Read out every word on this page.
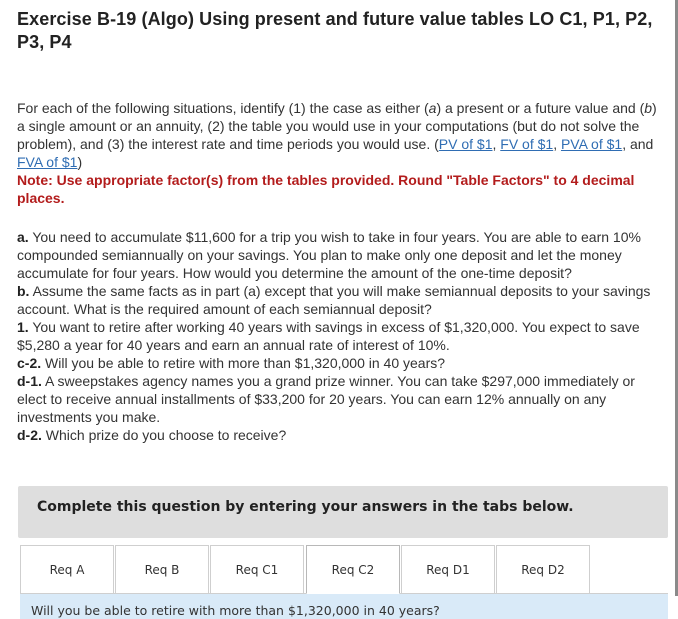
Exercise B-19 (Algo) Using present and future value tables LO C1, P1, P2, P3, P4
For each of the following situations, identify (1) the case as either (a) a present or a future value and (b) a single amount or an annuity, (2) the table you would use in your computations (but do not solve the problem), and (3) the interest rate and time periods you would use. (PV of $1, FV of $1, PVA of $1, and FVA of $1)
Note: Use appropriate factor(s) from the tables provided. Round "Table Factors" to 4 decimal places.

a. You need to accumulate $11,600 for a trip you wish to take in four years. You are able to earn 10% compounded semiannually on your savings. You plan to make only one deposit and let the money accumulate for four years. How would you determine the amount of the one-time deposit?

b. Assume the same facts as in part (a) except that you will make semiannual deposits to your savings account. What is the required amount of each semiannual deposit?

1. You want to retire after working 40 years with savings in excess of $1,320,000. You expect to save $5,280 a year for 40 years and earn an annual rate of interest of 10%.

c-2. Will you be able to retire with more than $1,320,000 in 40 years?

d-1. A sweepstakes agency names you a grand prize winner. You can take $297,000 immediately or elect to receive annual installments of $33,200 for 20 years. You can earn 12% annually on any investments you make.

d-2. Which prize do you choose to receive?

Complete this question by entering your answers in the tabs below.
Req A	Req B	Req C1	Req C2	Req D1	Req D2
Will you be able to retire with more than $1,320,000 in 40 years?
